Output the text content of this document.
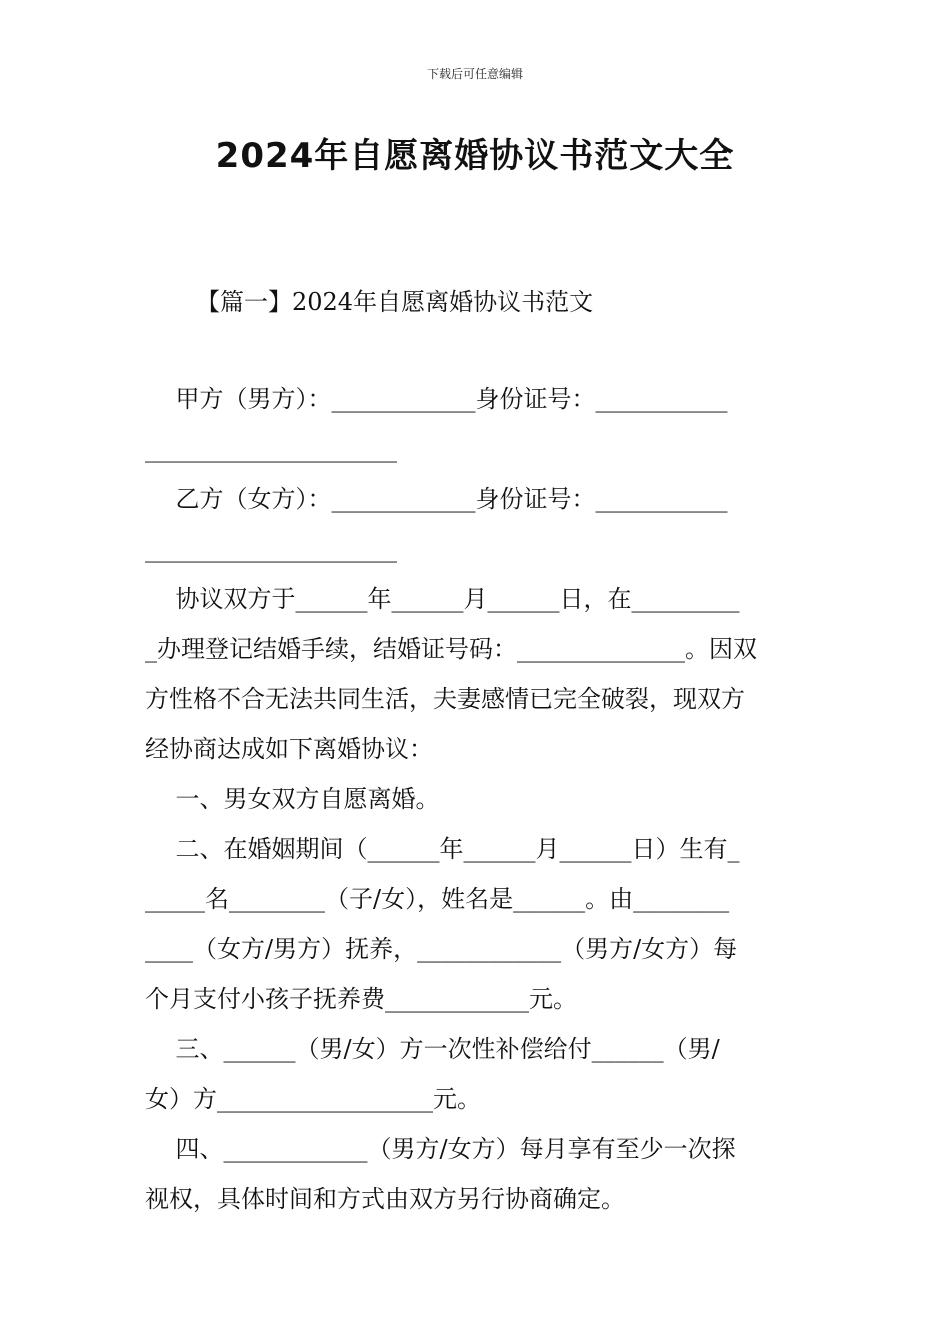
下载后可任意编辑
2024年自愿离婚协议书范文大全
【篇一】2024年自愿离婚协议书范文
甲方（男方）：____________身份证号：___________
_____________________
乙方（女方）：____________身份证号：___________
_____________________
协议双方于______年______月______日，在_________
_办理登记结婚手续，结婚证号码：______________。因双
方性格不合无法共同生活，夫妻感情已完全破裂，现双方
经协商达成如下离婚协议：
一、男女双方自愿离婚。
二、在婚姻期间（______年______月______日）生有_
_____名________（子/女），姓名是______。由________
____（女方/男方）抚养，____________（男方/女方）每
个月支付小孩子抚养费____________元。
三、______（男/女）方一次性补偿给付______（男/
女）方__________________元。
四、____________（男方/女方）每月享有至少一次探
视权，具体时间和方式由双方另行协商确定。
